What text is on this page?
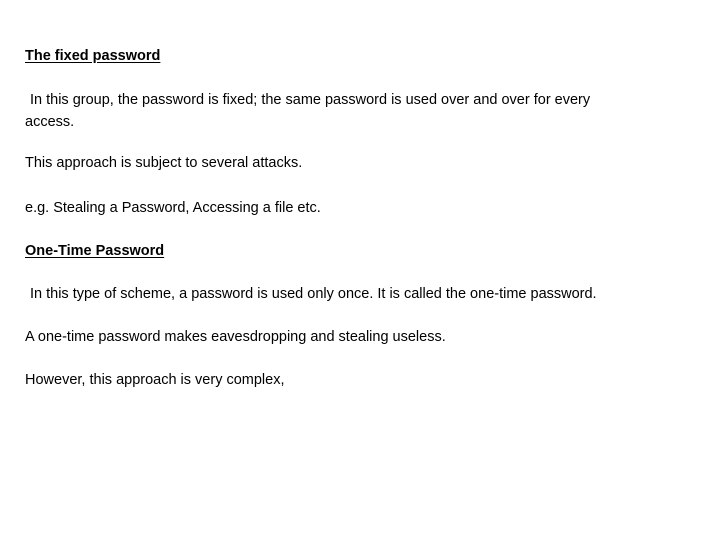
The fixed password
In this group, the password is fixed; the same password is used over and over for every
access.
This approach is subject to several attacks.
e.g. Stealing a Password, Accessing a file etc.
One-Time Password
In this type of scheme, a password is used only once. It is called the one-time password.
A one-time password makes eavesdropping and stealing useless.
However, this approach is very complex,
